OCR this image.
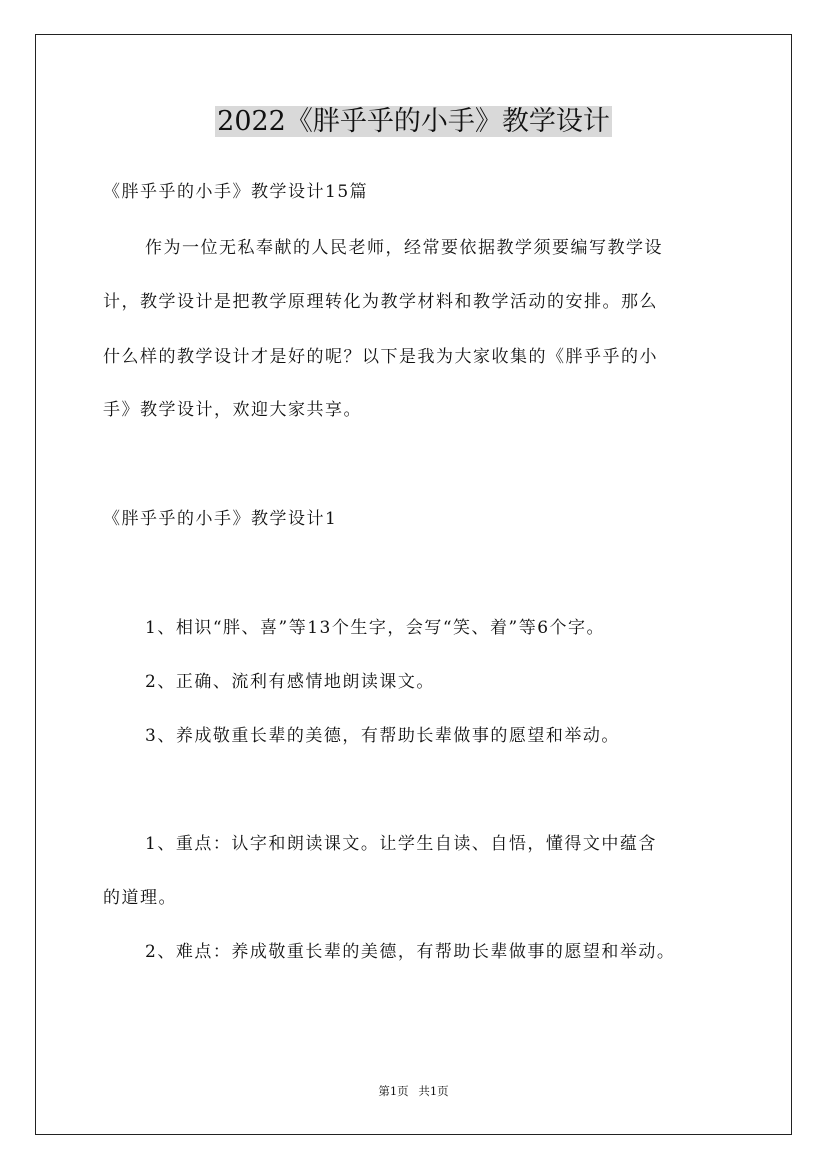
2022《胖乎乎的小手》教学设计

《胖乎乎的小手》教学设计15篇

作为一位无私奉献的人民老师，经常要依据教学须要编写教学设

计，教学设计是把教学原理转化为教学材料和教学活动的安排。那么

什么样的教学设计才是好的呢？以下是我为大家收集的《胖乎乎的小

手》教学设计，欢迎大家共享。

《胖乎乎的小手》教学设计1

1、相识“胖、喜”等13个生字，会写“笑、着”等6个字。

2、正确、流利有感情地朗读课文。

3、养成敬重长辈的美德，有帮助长辈做事的愿望和举动。

1、重点：认字和朗读课文。让学生自读、自悟，懂得文中蕴含

的道理。

2、难点：养成敬重长辈的美德，有帮助长辈做事的愿望和举动。

第1页 共1页
